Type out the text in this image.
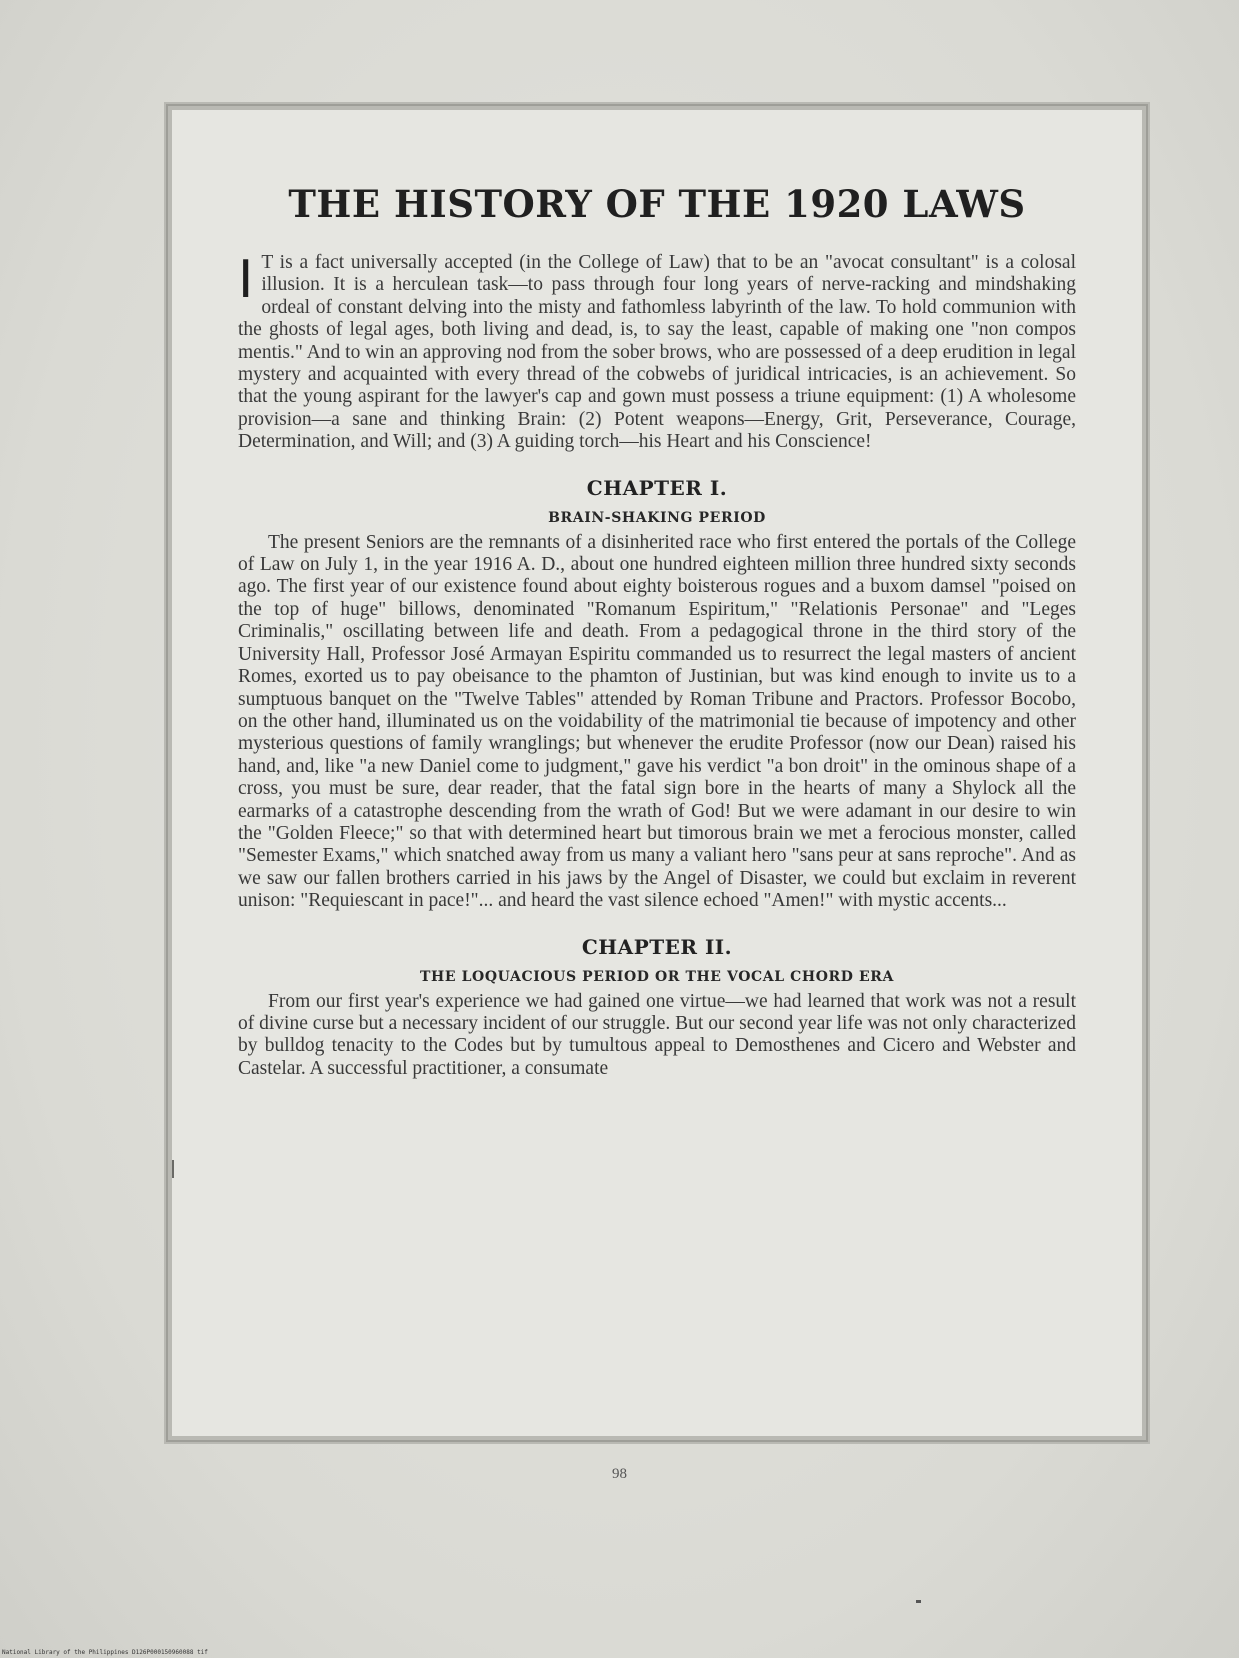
THE HISTORY OF THE 1920 LAWS

I T is a fact universally accepted (in the College of Law) that to be an "avocat consultant" is a colosal illusion. It is a herculean task—to pass through four long years of nerve-racking and mindshaking ordeal of constant delving into the misty and fathomless labyrinth of the law. To hold communion with the ghosts of legal ages, both living and dead, is, to say the least, capable of making one "non compos mentis." And to win an approving nod from the sober brows, who are possessed of a deep erudition in legal mystery and acquainted with every thread of the cobwebs of juridical intricacies, is an achievement. So that the young aspirant for the lawyer's cap and gown must possess a triune equipment: (1) A wholesome provision—a sane and thinking Brain: (2) Potent weapons—Energy, Grit, Perseverance, Courage, Determination, and Will; and (3) A guiding torch—his Heart and his Conscience!

CHAPTER I.
BRAIN-SHAKING PERIOD

The present Seniors are the remnants of a disinherited race who first entered the portals of the College of Law on July 1, in the year 1916 A. D., about one hundred eighteen million three hundred sixty seconds ago. The first year of our existence found about eighty boisterous rogues and a buxom damsel "poised on the top of huge" billows, denominated "Romanum Espiritum," "Relationis Personae" and "Leges Criminalis," oscillating between life and death. From a pedagogical throne in the third story of the University Hall, Professor José Armayan Espiritu commanded us to resurrect the legal masters of ancient Romes, exorted us to pay obeisance to the phamton of Justinian, but was kind enough to invite us to a sumptuous banquet on the "Twelve Tables" attended by Roman Tribune and Practors. Professor Bocobo, on the other hand, illuminated us on the voidability of the matrimonial tie because of impotency and other mysterious questions of family wranglings; but whenever the erudite Professor (now our Dean) raised his hand, and, like "a new Daniel come to judgment," gave his verdict "a bon droit" in the ominous shape of a cross, you must be sure, dear reader, that the fatal sign bore in the hearts of many a Shylock all the earmarks of a catastrophe descending from the wrath of God! But we were adamant in our desire to win the "Golden Fleece;" so that with determined heart but timorous brain we met a ferocious monster, called "Semester Exams," which snatched away from us many a valiant hero "sans peur at sans reproche". And as we saw our fallen brothers carried in his jaws by the Angel of Disaster, we could but exclaim in reverent unison: "Requiescant in pace!"... and heard the vast silence echoed "Amen!" with mystic accents...

CHAPTER II.
THE LOQUACIOUS PERIOD OR THE VOCAL CHORD ERA

From our first year's experience we had gained one virtue—we had learned that work was not a result of divine curse but a necessary incident of our struggle. But our second year life was not only characterized by bulldog tenacity to the Codes but by tumultous appeal to Demosthenes and Cicero and Webster and Castelar. A successful practitioner, a consumate

98
National Library of the Philippines D126P000150960088 tif
